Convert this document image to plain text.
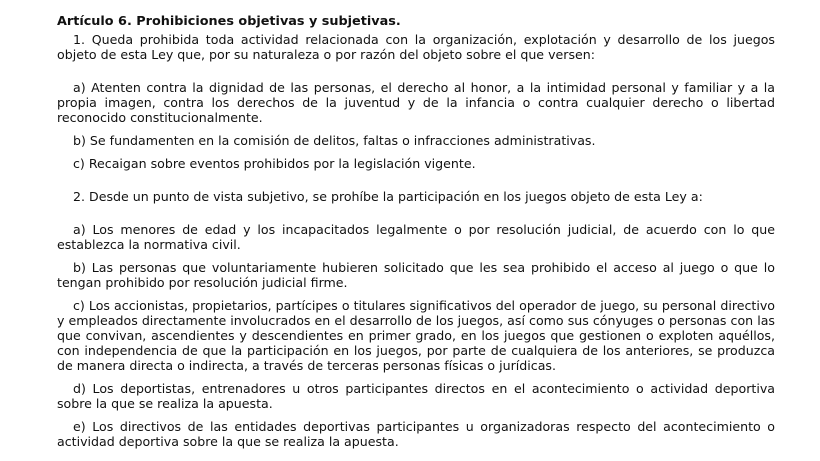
Artículo 6. Prohibiciones objetivas y subjetivas.

1. Queda prohibida toda actividad relacionada con la organización, explotación y desarrollo de los juegos objeto de esta Ley que, por su naturaleza o por razón del objeto sobre el que versen:

a) Atenten contra la dignidad de las personas, el derecho al honor, a la intimidad personal y familiar y a la propia imagen, contra los derechos de la juventud y de la infancia o contra cualquier derecho o libertad reconocido constitucionalmente.

b) Se fundamenten en la comisión de delitos, faltas o infracciones administrativas.

c) Recaigan sobre eventos prohibidos por la legislación vigente.

2. Desde un punto de vista subjetivo, se prohíbe la participación en los juegos objeto de esta Ley a:

a) Los menores de edad y los incapacitados legalmente o por resolución judicial, de acuerdo con lo que establezca la normativa civil.

b) Las personas que voluntariamente hubieren solicitado que les sea prohibido el acceso al juego o que lo tengan prohibido por resolución judicial firme.

c) Los accionistas, propietarios, partícipes o titulares significativos del operador de juego, su personal directivo y empleados directamente involucrados en el desarrollo de los juegos, así como sus cónyuges o personas con las que convivan, ascendientes y descendientes en primer grado, en los juegos que gestionen o exploten aquéllos, con independencia de que la participación en los juegos, por parte de cualquiera de los anteriores, se produzca de manera directa o indirecta, a través de terceras personas físicas o jurídicas.

d) Los deportistas, entrenadores u otros participantes directos en el acontecimiento o actividad deportiva sobre la que se realiza la apuesta.

e) Los directivos de las entidades deportivas participantes u organizadoras respecto del acontecimiento o actividad deportiva sobre la que se realiza la apuesta.
